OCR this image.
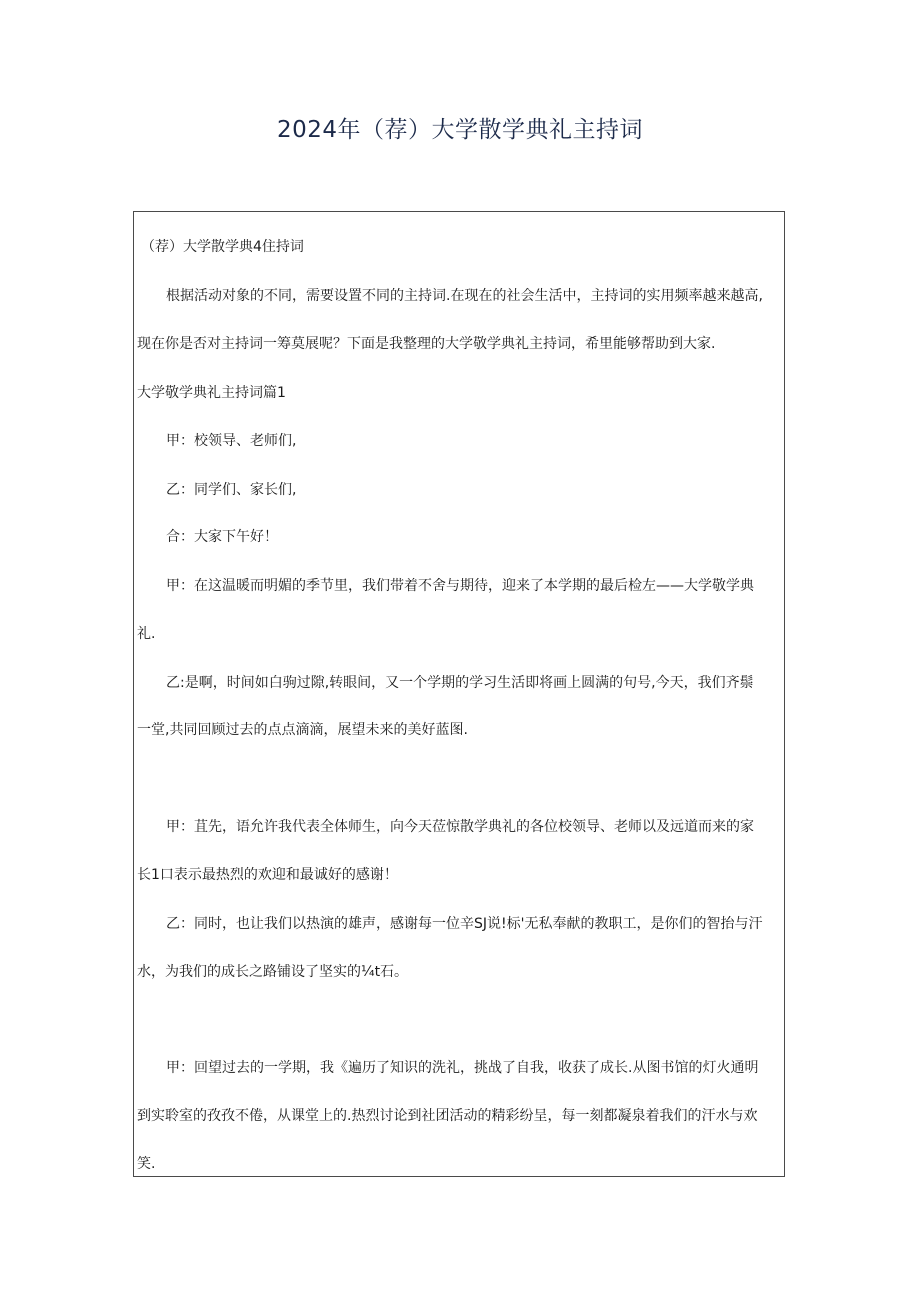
2024年（荐）大学散学典礼主持词
（荐）大学散学典4住持词
根据活动对象的不同，需要设置不同的主持词.在现在的社会生活中，主持词的实用频率越来越高,
现在你是否对主持词一筹莫展呢？下面是我整理的大学敬学典礼主持词，希里能够帮助到大家.
大学敬学典礼主持词篇1
甲：校领导、老师们,
乙：同学们、家长们,
合：大家下午好！
甲：在这温暖而明媚的季节里，我们带着不舍与期待，迎来了本学期的最后检左——大学敬学典
礼.
乙:是啊，时间如白驹过隙,转眼间，又一个学期的学习生活即将画上圆满的句号,今天，我们齐鬃
一堂,共同回顾过去的点点滴滴，展望未来的美好蓝图.
甲：苴先，语允许我代表全体师生，向今天莅惊散学典礼的各位校领导、老师以及远道而来的家
长1口表示最热烈的欢迎和最诚好的感谢！
乙：同时，也让我们以热演的雄声，感谢每一位辛SJ说!标'无私奉献的教职工，是你们的智抬与汗
水，为我们的成长之路铺设了坚实的¼t石。
甲：回望过去的一学期，我《遍历了知识的洗礼，挑战了自我，收获了成长.从图书馆的灯火通明
到实聆室的孜孜不倦，从课堂上的.热烈讨论到社团活动的精彩纷呈，每一刻都凝泉着我们的汗水与欢
笑.
